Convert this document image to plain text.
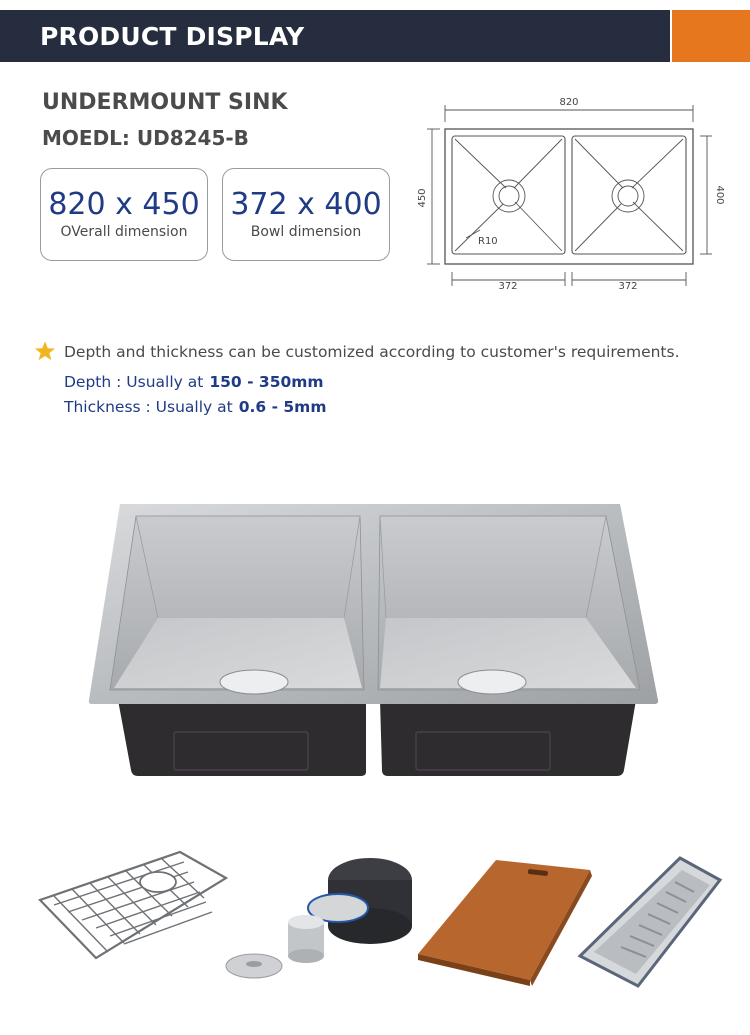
PRODUCT DISPLAY
UNDERMOUNT SINK
MOEDL: UD8245-B
820 x 450
OVerall dimension
372 x 400
Bowl dimension
820
450	400
372	372
R10
Depth and thickness can be customized according to customer's requirements.
Depth : Usually at 150 - 350mm
Thickness : Usually at 0.6 - 5mm
